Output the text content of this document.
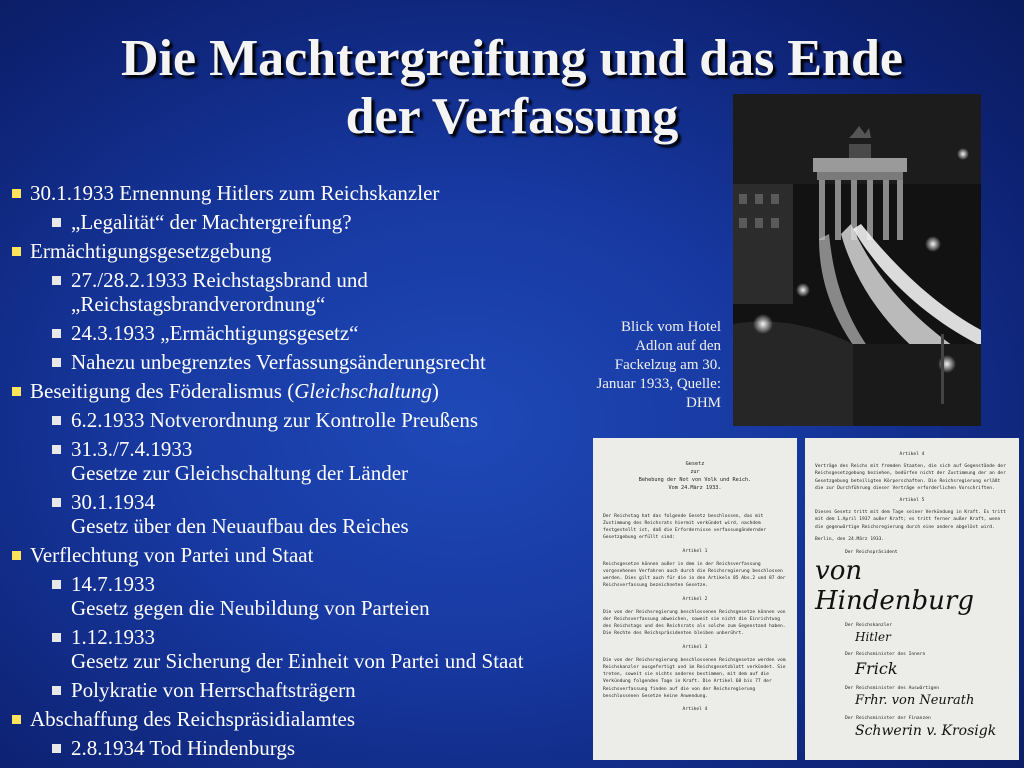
Die Machtergreifung und das Ende
der Verfassung
30.1.1933 Ernennung Hitlers zum Reichskanzler
„Legalität“ der Machtergreifung?
Ermächtigungsgesetzgebung
27./28.2.1933 Reichstagsbrand und
„Reichstagsbrandverordnung“
24.3.1933 „Ermächtigungsgesetz“
Nahezu unbegrenztes Verfassungsänderungsrecht
Beseitigung des Föderalismus (Gleichschaltung)
6.2.1933 Notverordnung zur Kontrolle Preußens
31.3./7.4.1933
Gesetze zur Gleichschaltung der Länder
30.1.1934
Gesetz über den Neuaufbau des Reiches
Verflechtung von Partei und Staat
14.7.1933
Gesetz gegen die Neubildung von Parteien
1.12.1933
Gesetz zur Sicherung der Einheit von Partei und Staat
Polykratie von Herrschaftsträgern
Abschaffung des Reichspräsidialamtes
2.8.1934 Tod Hindenburgs
Blick vom Hotel Adlon auf den Fackelzug am 30. Januar 1933, Quelle: DHM

Gesetz
zur
Behebung der Not von Volk und Reich.
Vom 24.März 1933.

Der Reichstag hat das folgende Gesetz beschlossen, das mit Zustimmung des Reichsrats hiermit verkündet wird, nachdem festgestellt ist, daß die Erfordernisse verfassungändernder Gesetzgebung erfüllt sind:
Artikel 1
Reichsgesetze können außer in dem in der Reichsverfassung vorgesehenen Verfahren auch durch die Reichsregierung beschlossen werden. Dies gilt auch für die in den Artikeln 85 Abs.2 und 87 der Reichsverfassung bezeichneten Gesetze.
Artikel 2
Die von der Reichsregierung beschlossenen Reichsgesetze können von der Reichsverfassung abweichen, soweit sie nicht die Einrichtung des Reichstags und des Reichsrats als solche zum Gegenstand haben. Die Rechte des Reichspräsidenten bleiben unberührt.
Artikel 3
Die von der Reichsregierung beschlossenen Reichsgesetze werden vom Reichskanzler ausgefertigt und im Reichsgesetzblatt verkündet. Sie treten, soweit sie nichts anderes bestimmen, mit dem auf die Verkündung folgenden Tage in Kraft. Die Artikel 68 bis 77 der Reichsverfassung finden auf die von der Reichsregierung beschlossenen Gesetze keine Anwendung.
Artikel 4

Artikel 4
Verträge des Reichs mit fremden Staaten, die sich auf Gegenstände der Reichsgesetzgebung beziehen, bedürfen nicht der Zustimmung der an der Gesetzgebung beteiligten Körperschaften. Die Reichsregierung erläßt die zur Durchführung dieser Verträge erforderlichen Vorschriften.
Artikel 5
Dieses Gesetz tritt mit dem Tage seiner Verkündung in Kraft. Es tritt mit dem 1.April 1937 außer Kraft; es tritt ferner außer Kraft, wenn die gegenwärtige Reichsregierung durch eine andere abgelöst wird.
Berlin, den 24.März 1933.
Der Reichspräsident
von Hindenburg
Der Reichskanzler
Hitler
Der Reichsminister des Innern
Frick
Der Reichsminister des Auswärtigen
Frhr. von Neurath
Der Reichsminister der Finanzen
Schwerin v. Krosigk
